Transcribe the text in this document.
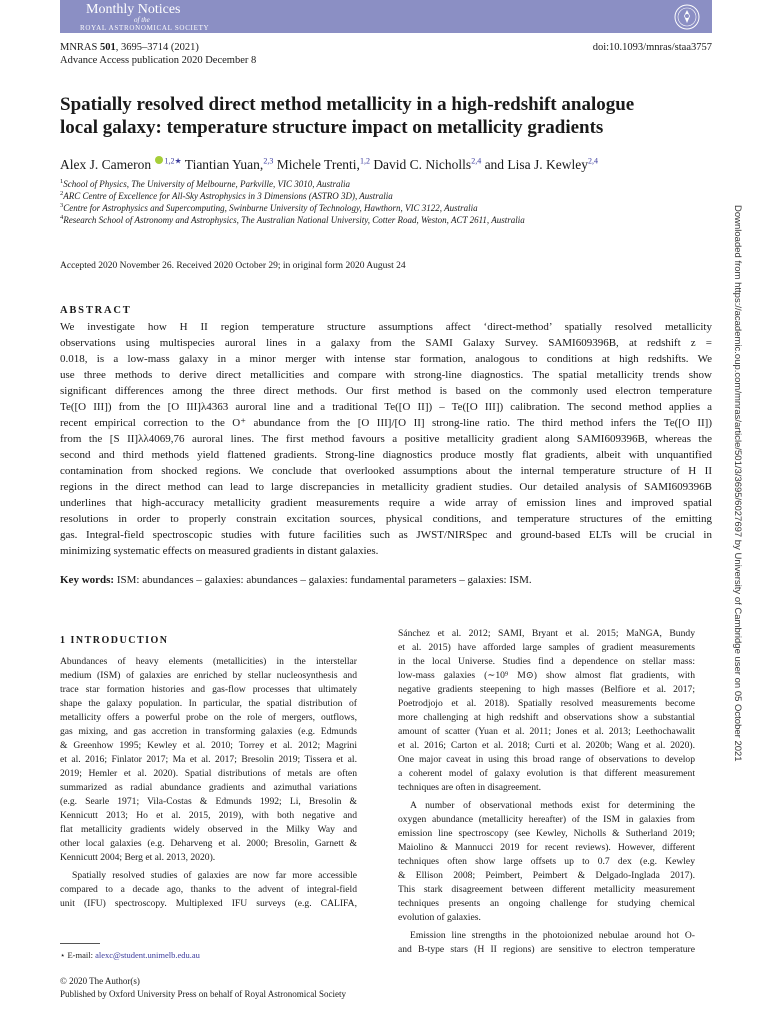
Monthly Notices
of the
ROYAL ASTRONOMICAL SOCIETY
MNRAS 501, 3695–3714 (2021)	doi:10.1093/mnras/staa3757
Advance Access publication 2020 December 8
Spatially resolved direct method metallicity in a high-redshift analogue
local galaxy: temperature structure impact on metallicity gradients
Alex J. Cameron $^{1,2★}$ Tiantian Yuan,$^{2,3}$ Michele Trenti,$^{1,2}$ David C. Nicholls$^{2,4}$ and Lisa J. Kewley$^{2,4}$
$^1$School of Physics, The University of Melbourne, Parkville, VIC 3010, Australia
$^2$ARC Centre of Excellence for All-Sky Astrophysics in 3 Dimensions (ASTRO 3D), Australia
$^3$Centre for Astrophysics and Supercomputing, Swinburne University of Technology, Hawthorn, VIC 3122, Australia
$^4$Research School of Astronomy and Astrophysics, The Australian National University, Cotter Road, Weston, ACT 2611, Australia
Accepted 2020 November 26. Received 2020 October 29; in original form 2020 August 24
ABSTRACT
We investigate how H II region temperature structure assumptions affect ‘direct-method’ spatially resolved metallicity
observations using multispecies auroral lines in a galaxy from the SAMI Galaxy Survey. SAMI609396B, at redshift z =
0.018, is a low-mass galaxy in a minor merger with intense star formation, analogous to conditions at high redshifts. We
use three methods to derive direct metallicities and compare with strong-line diagnostics. The spatial metallicity trends show
significant differences among the three direct methods. Our first method is based on the commonly used electron temperature
Te([O III]) from the [O III]λ4363 auroral line and a traditional Te([O II]) – Te([O III]) calibration. The second method applies a
recent empirical correction to the O⁺ abundance from the [O III]/[O II] strong-line ratio. The third method infers the Te([O II])
from the [S II]λλ4069,76 auroral lines. The first method favours a positive metallicity gradient along SAMI609396B, whereas the
second and third methods yield flattened gradients. Strong-line diagnostics produce mostly flat gradients, albeit with unquantified
contamination from shocked regions. We conclude that overlooked assumptions about the internal temperature structure of H II
regions in the direct method can lead to large discrepancies in metallicity gradient studies. Our detailed analysis of SAMI609396B
underlines that high-accuracy metallicity gradient measurements require a wide array of emission lines and improved spatial
resolutions in order to properly constrain excitation sources, physical conditions, and temperature structures of the emitting
gas. Integral-field spectroscopic studies with future facilities such as JWST/NIRSpec and ground-based ELTs will be crucial in
minimizing systematic effects on measured gradients in distant galaxies.
Key words: ISM: abundances – galaxies: abundances – galaxies: fundamental parameters – galaxies: ISM.
1 INTRODUCTION
Abundances of heavy elements (metallicities) in the interstellar
medium (ISM) of galaxies are enriched by stellar nucleosynthesis and
trace star formation histories and gas-flow processes that ultimately
shape the galaxy population. In particular, the spatial distribution of
metallicity offers a powerful probe on the role of mergers, outflows,
gas mixing, and gas accretion in transforming galaxies (e.g. Edmunds
& Greenhow 1995; Kewley et al. 2010; Torrey et al. 2012; Magrini
et al. 2016; Finlator 2017; Ma et al. 2017; Bresolin 2019; Tissera et al.
2019; Hemler et al. 2020). Spatial distributions of metals are often
summarized as radial abundance gradients and azimuthal variations
(e.g. Searle 1971; Vila-Costas & Edmunds 1992; Li, Bresolin &
Kennicutt 2013; Ho et al. 2015, 2019), with both negative and
flat metallicity gradients widely observed in the Milky Way and
other local galaxies (e.g. Deharveng et al. 2000; Bresolin, Garnett &
Kennicutt 2004; Berg et al. 2013, 2020).
Spatially resolved studies of galaxies are now far more accessible
compared to a decade ago, thanks to the advent of integral-field
unit (IFU) spectroscopy. Multiplexed IFU surveys (e.g. CALIFA,
Sánchez et al. 2012; SAMI, Bryant et al. 2015; MaNGA, Bundy
et al. 2015) have afforded large samples of gradient measurements
in the local Universe. Studies find a dependence on stellar mass:
low-mass galaxies (∼10⁹ M⊙) show almost flat gradients, with
negative gradients steepening to high masses (Belfiore et al. 2017;
Poetrodjojo et al. 2018). Spatially resolved measurements become
more challenging at high redshift and observations show a substantial
amount of scatter (Yuan et al. 2011; Jones et al. 2013; Leethochawalit
et al. 2016; Carton et al. 2018; Curti et al. 2020b; Wang et al. 2020).
One major caveat in using this broad range of observations to develop
a coherent model of galaxy evolution is that different measurement
techniques are often in disagreement.
A number of observational methods exist for determining the
oxygen abundance (metallicity hereafter) of the ISM in galaxies from
emission line spectroscopy (see Kewley, Nicholls & Sutherland 2019;
Maiolino & Mannucci 2019 for recent reviews). However, different
techniques often show large offsets up to 0.7 dex (e.g. Kewley
& Ellison 2008; Peimbert, Peimbert & Delgado-Inglada 2017).
This stark disagreement between different metallicity measurement
techniques presents an ongoing challenge for studying chemical
evolution of galaxies.
Emission line strengths in the photoionized nebulae around hot O-
and B-type stars (H II regions) are sensitive to electron temperature
⋆ E-mail: alexc@student.unimelb.edu.au
© 2020 The Author(s)
Published by Oxford University Press on behalf of Royal Astronomical Society
Downloaded from https://academic.oup.com/mnras/article/501/3/3695/6027697 by University of Cambridge user on 05 October 2021
